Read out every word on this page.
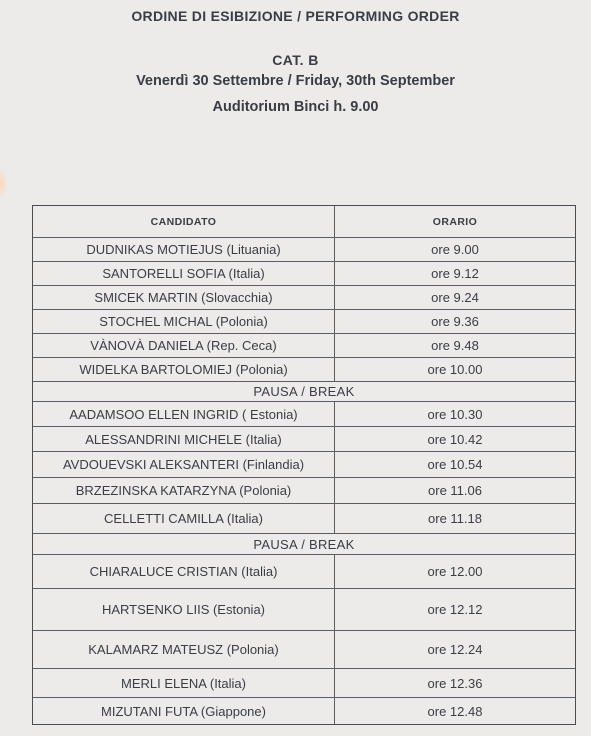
ORDINE DI ESIBIZIONE / PERFORMING ORDER
CAT. B
Venerdì 30 Settembre / Friday, 30th September
Auditorium Binci h. 9.00
CANDIDATO	ORARIO
DUDNIKAS MOTIEJUS (Lituania)	ore 9.00
SANTORELLI SOFIA (Italia)	ore 9.12
SMICEK MARTIN (Slovacchia)	ore 9.24
STOCHEL MICHAL (Polonia)	ore 9.36
VÀNOVÀ DANIELA (Rep. Ceca)	ore 9.48
WIDELKA BARTOLOMIEJ (Polonia)	ore 10.00
PAUSA / BREAK
AADAMSOO ELLEN INGRID ( Estonia)	ore 10.30
ALESSANDRINI MICHELE (Italia)	ore 10.42
AVDOUEVSKI ALEKSANTERI (Finlandia)	ore 10.54
BRZEZINSKA KATARZYNA (Polonia)	ore 11.06
CELLETTI CAMILLA (Italia)	ore 11.18
PAUSA / BREAK
CHIARALUCE CRISTIAN (Italia)	ore 12.00
HARTSENKO LIIS (Estonia)	ore 12.12
KALAMARZ MATEUSZ (Polonia)	ore 12.24
MERLI ELENA (Italia)	ore 12.36
MIZUTANI FUTA (Giappone)	ore 12.48
